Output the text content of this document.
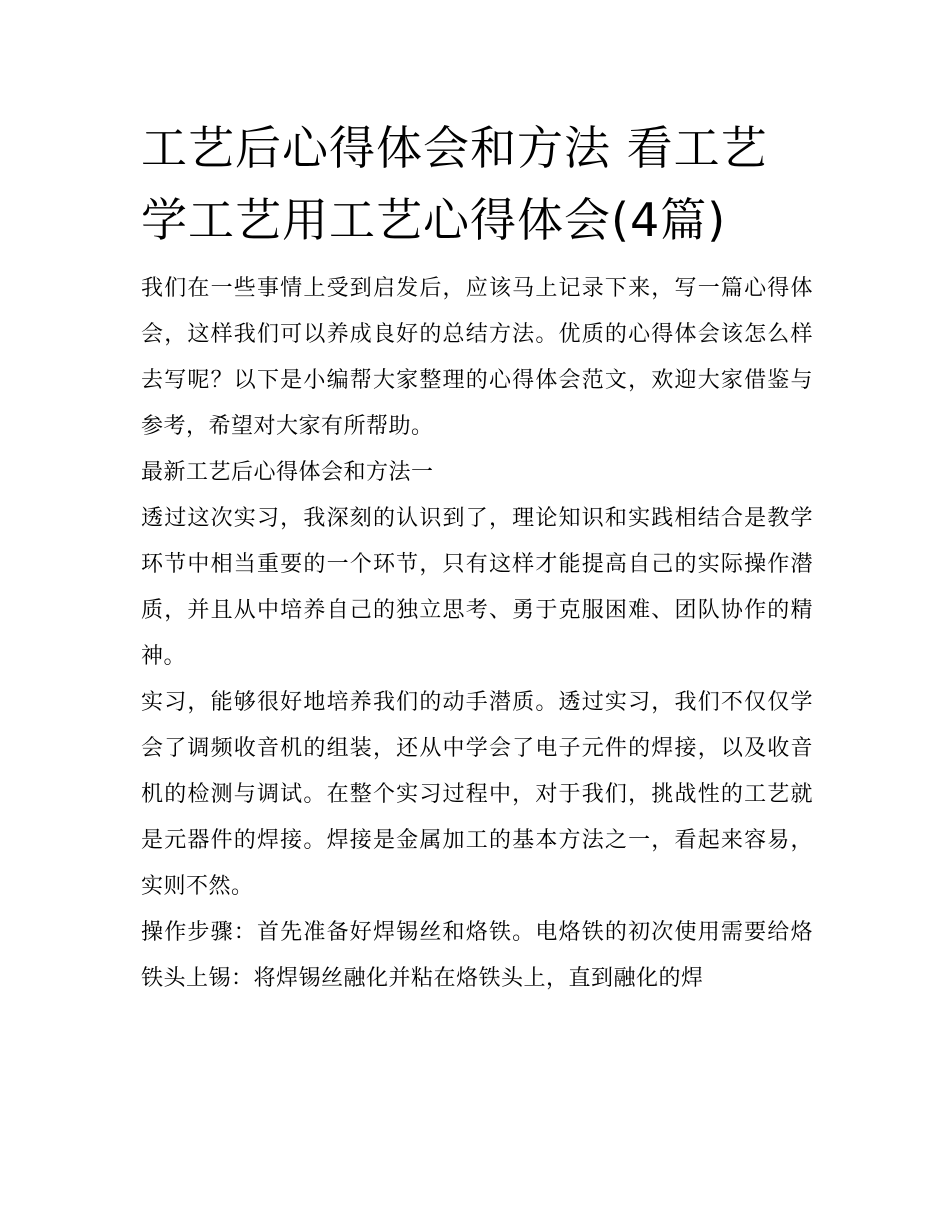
工艺后心得体会和方法 看工艺学工艺用工艺心得体会(4篇)

我们在一些事情上受到启发后，应该马上记录下来，写一篇心得体会，这样我们可以养成良好的总结方法。优质的心得体会该怎么样去写呢？以下是小编帮大家整理的心得体会范文，欢迎大家借鉴与参考，希望对大家有所帮助。

最新工艺后心得体会和方法一

透过这次实习，我深刻的认识到了，理论知识和实践相结合是教学环节中相当重要的一个环节，只有这样才能提高自己的实际操作潜质，并且从中培养自己的独立思考、勇于克服困难、团队协作的精神。

实习，能够很好地培养我们的动手潜质。透过实习，我们不仅仅学会了调频收音机的组装，还从中学会了电子元件的焊接，以及收音机的检测与调试。在整个实习过程中，对于我们，挑战性的工艺就是元器件的焊接。焊接是金属加工的基本方法之一，看起来容易，实则不然。

操作步骤：首先准备好焊锡丝和烙铁。电烙铁的初次使用需要给烙铁头上锡：将焊锡丝融化并粘在烙铁头上，直到融化的焊
